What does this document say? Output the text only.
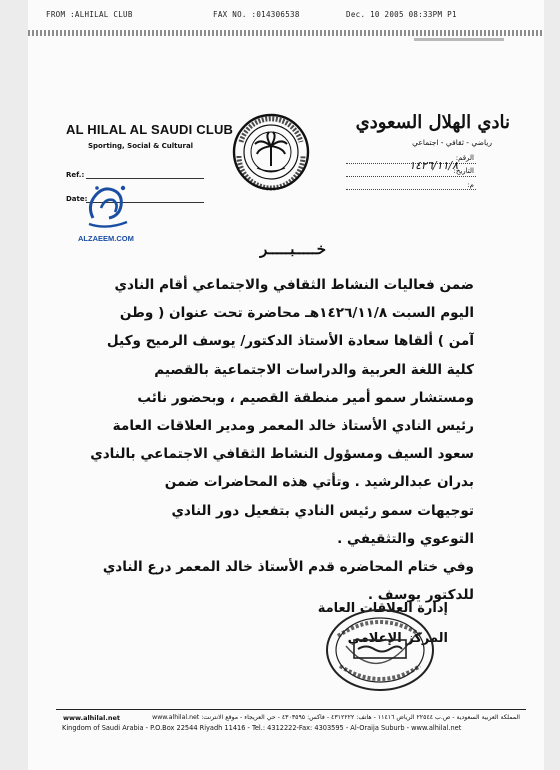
FROM :ALHILAL CLUB	FAX NO. :014306538	Dec. 10 2005 08:33PM P1
AL HILAL AL SAUDI CLUB
Sporting, Social & Cultural
Ref.:
Date:
نادي الهلال السعودي
رياضي - ثقافي - اجتماعي
الرقم:
التاريخ:
١٤٢٦/١١/٨
م:
ALZAEEM.COM
خـــــبـــــر

ضمن فعاليات النشاط الثقافي والاجتماعي أقام النادي

اليوم السبت ١٤٢٦/١١/٨هـ محاضرة تحت عنوان ( وطن

آمن ) ألقاها سعادة الأستاذ الدكتور/ يوسف الرميح وكيل

كلية اللغة العربية والدراسات الاجتماعية بالقصيم

ومستشار سمو أمير منطقة القصيم ، وبحضور نائب

رئيس النادي الأستاذ خالد المعمر ومدير العلاقات العامة

سعود السيف ومسؤول النشاط الثقافي الاجتماعي بالنادي

بدران عبدالرشيد . وتأتي هذه المحاضرات ضمن

توجيهات سمو رئيس النادي بتفعيل دور النادي

التوعوي والتثقيفي .

وفي ختام المحاضره قدم الأستاذ خالد المعمر درع النادي

للدكتور يوسف .

إدارة العلاقات العامة
المركز الإعلامي
www.alhilal.net	المملكة العربية السعودية - ص.ب ٢٢٥٤٤ الرياض ١١٤١٦ - هاتف: ٤٣١٢٢٢٢ - فاكس: ٤٣٠٣٥٩٥ - حي العريجاء - موقع الانترنت: www.alhilal.net
Kingdom of Saudi Arabia - P.O.Box 22544 Riyadh 11416 - Tel.: 4312222-Fax: 4303595 - Al-Oraija Suburb - www.alhilal.net
